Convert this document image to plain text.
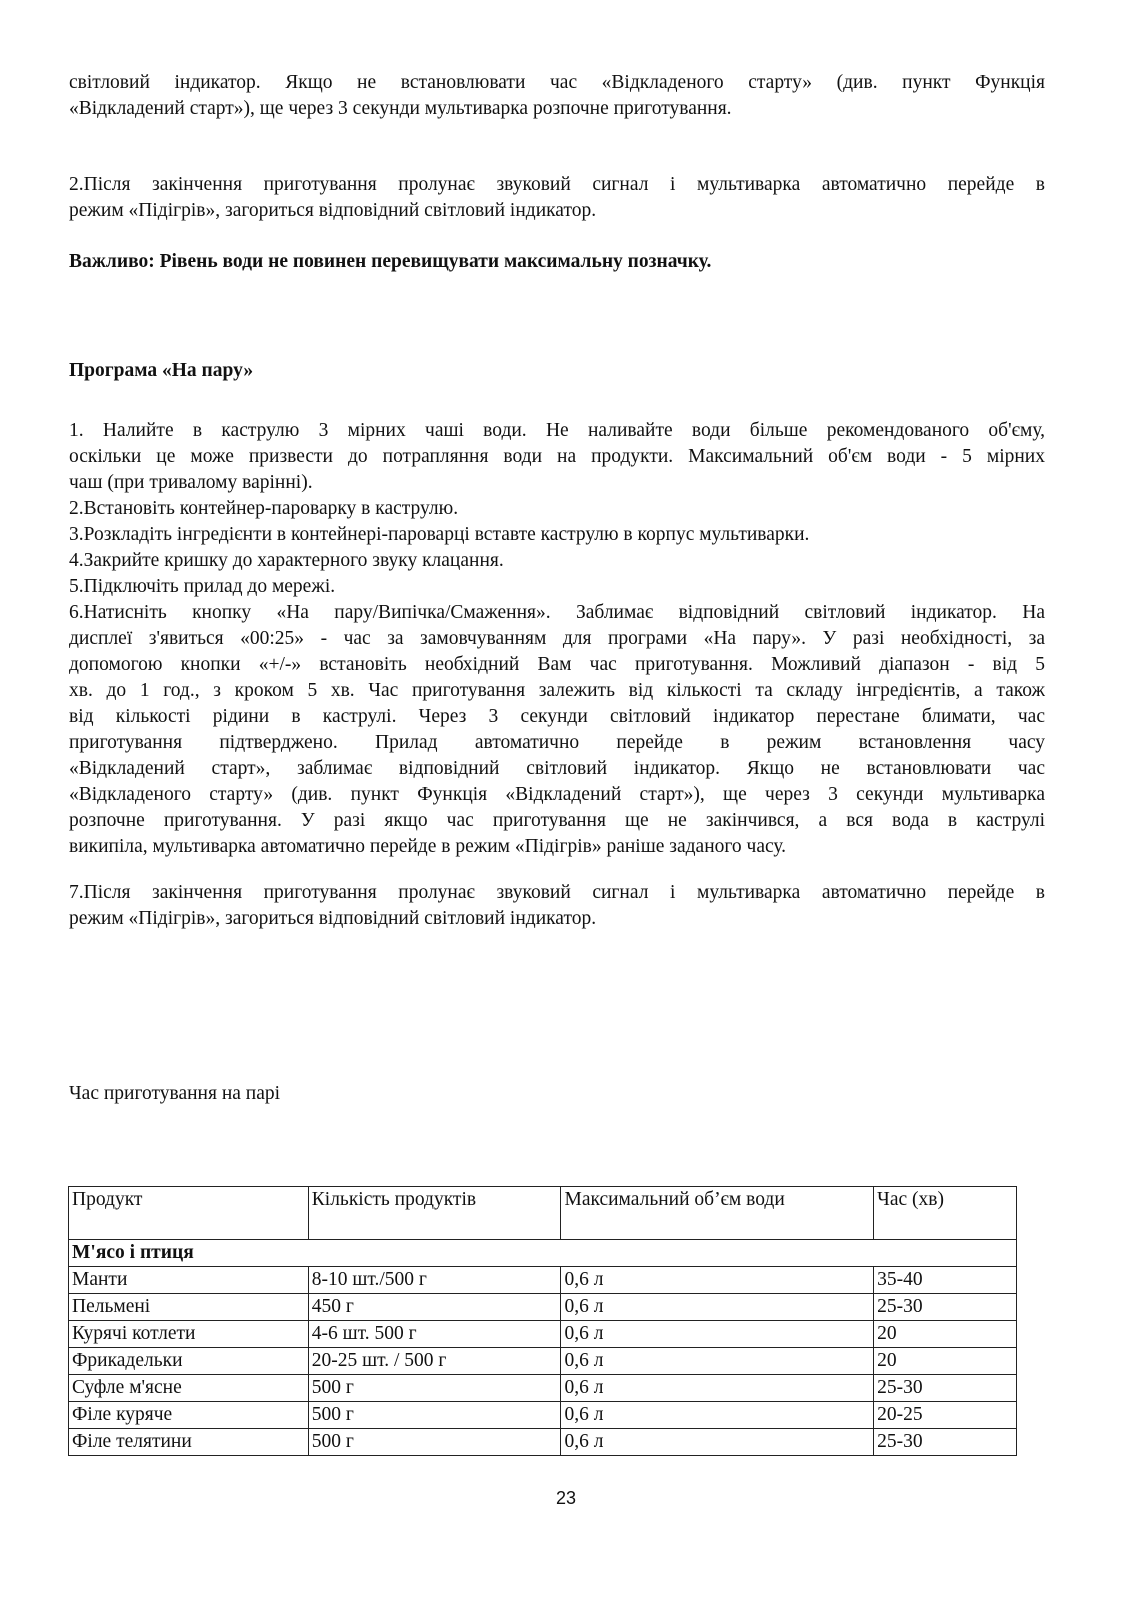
світловий індикатор. Якщо не встановлювати час «Відкладеного старту» (див. пункт Функція
«Відкладений старт»), ще через 3 секунди мультиварка розпочне приготування.
2.Після закінчення приготування пролунає звуковий сигнал і мультиварка автоматично перейде в
режим «Підігрів», загориться відповідний світловий індикатор.

Важливо: Рівень води не повинен перевищувати максимальну позначку.

Програма «На пару»

1. Налийте в каструлю 3 мірних чаші води. Не наливайте води більше рекомендованого об'єму,
оскільки це може призвести до потрапляння води на продукти. Максимальний об'єм води - 5 мірних
чаш (при тривалому варінні).
2.Встановіть контейнер-пароварку в каструлю.
3.Розкладіть інгредієнти в контейнері-пароварці вставте каструлю в корпус мультиварки.
4.Закрийте кришку до характерного звуку клацання.
5.Підключіть прилад до мережі.
6.Натисніть кнопку «На пару/Випічка/Смаження». Заблимає відповідний світловий індикатор. На
дисплеї з'явиться «00:25» - час за замовчуванням для програми «На пару». У разі необхідності, за
допомогою кнопки «+/-» встановіть необхідний Вам час приготування. Можливий діапазон - від 5
хв. до 1 год., з кроком 5 хв. Час приготування залежить від кількості та складу інгредієнтів, а також
від кількості рідини в каструлі. Через 3 секунди світловий індикатор перестане блимати, час
приготування підтверджено. Прилад автоматично перейде в режим встановлення часу
«Відкладений старт», заблимає відповідний світловий індикатор. Якщо не встановлювати час
«Відкладеного старту» (див. пункт Функція «Відкладений старт»), ще через 3 секунди мультиварка
розпочне приготування. У разі якщо час приготування ще не закінчився, а вся вода в каструлі
википіла, мультиварка автоматично перейде в режим «Підігрів» раніше заданого часу.
7.Після закінчення приготування пролунає звуковий сигнал і мультиварка автоматично перейде в
режим «Підігрів», загориться відповідний світловий індикатор.

Час приготування на парі

Продукт	Кількість продуктів	Максимальний об’єм води	Час (хв)
М'ясо і птиця			
Манти	8-10 шт./500 г	0,6 л	35-40
Пельмені	450 г	0,6 л	25-30
Курячі котлети	4-6 шт. 500 г	0,6 л	20
Фрикадельки	20-25 шт. / 500 г	0,6 л	20
Суфле м'ясне	500 г	0,6 л	25-30
Філе куряче	500 г	0,6 л	20-25
Філе телятини	500 г	0,6 л	25-30
23
